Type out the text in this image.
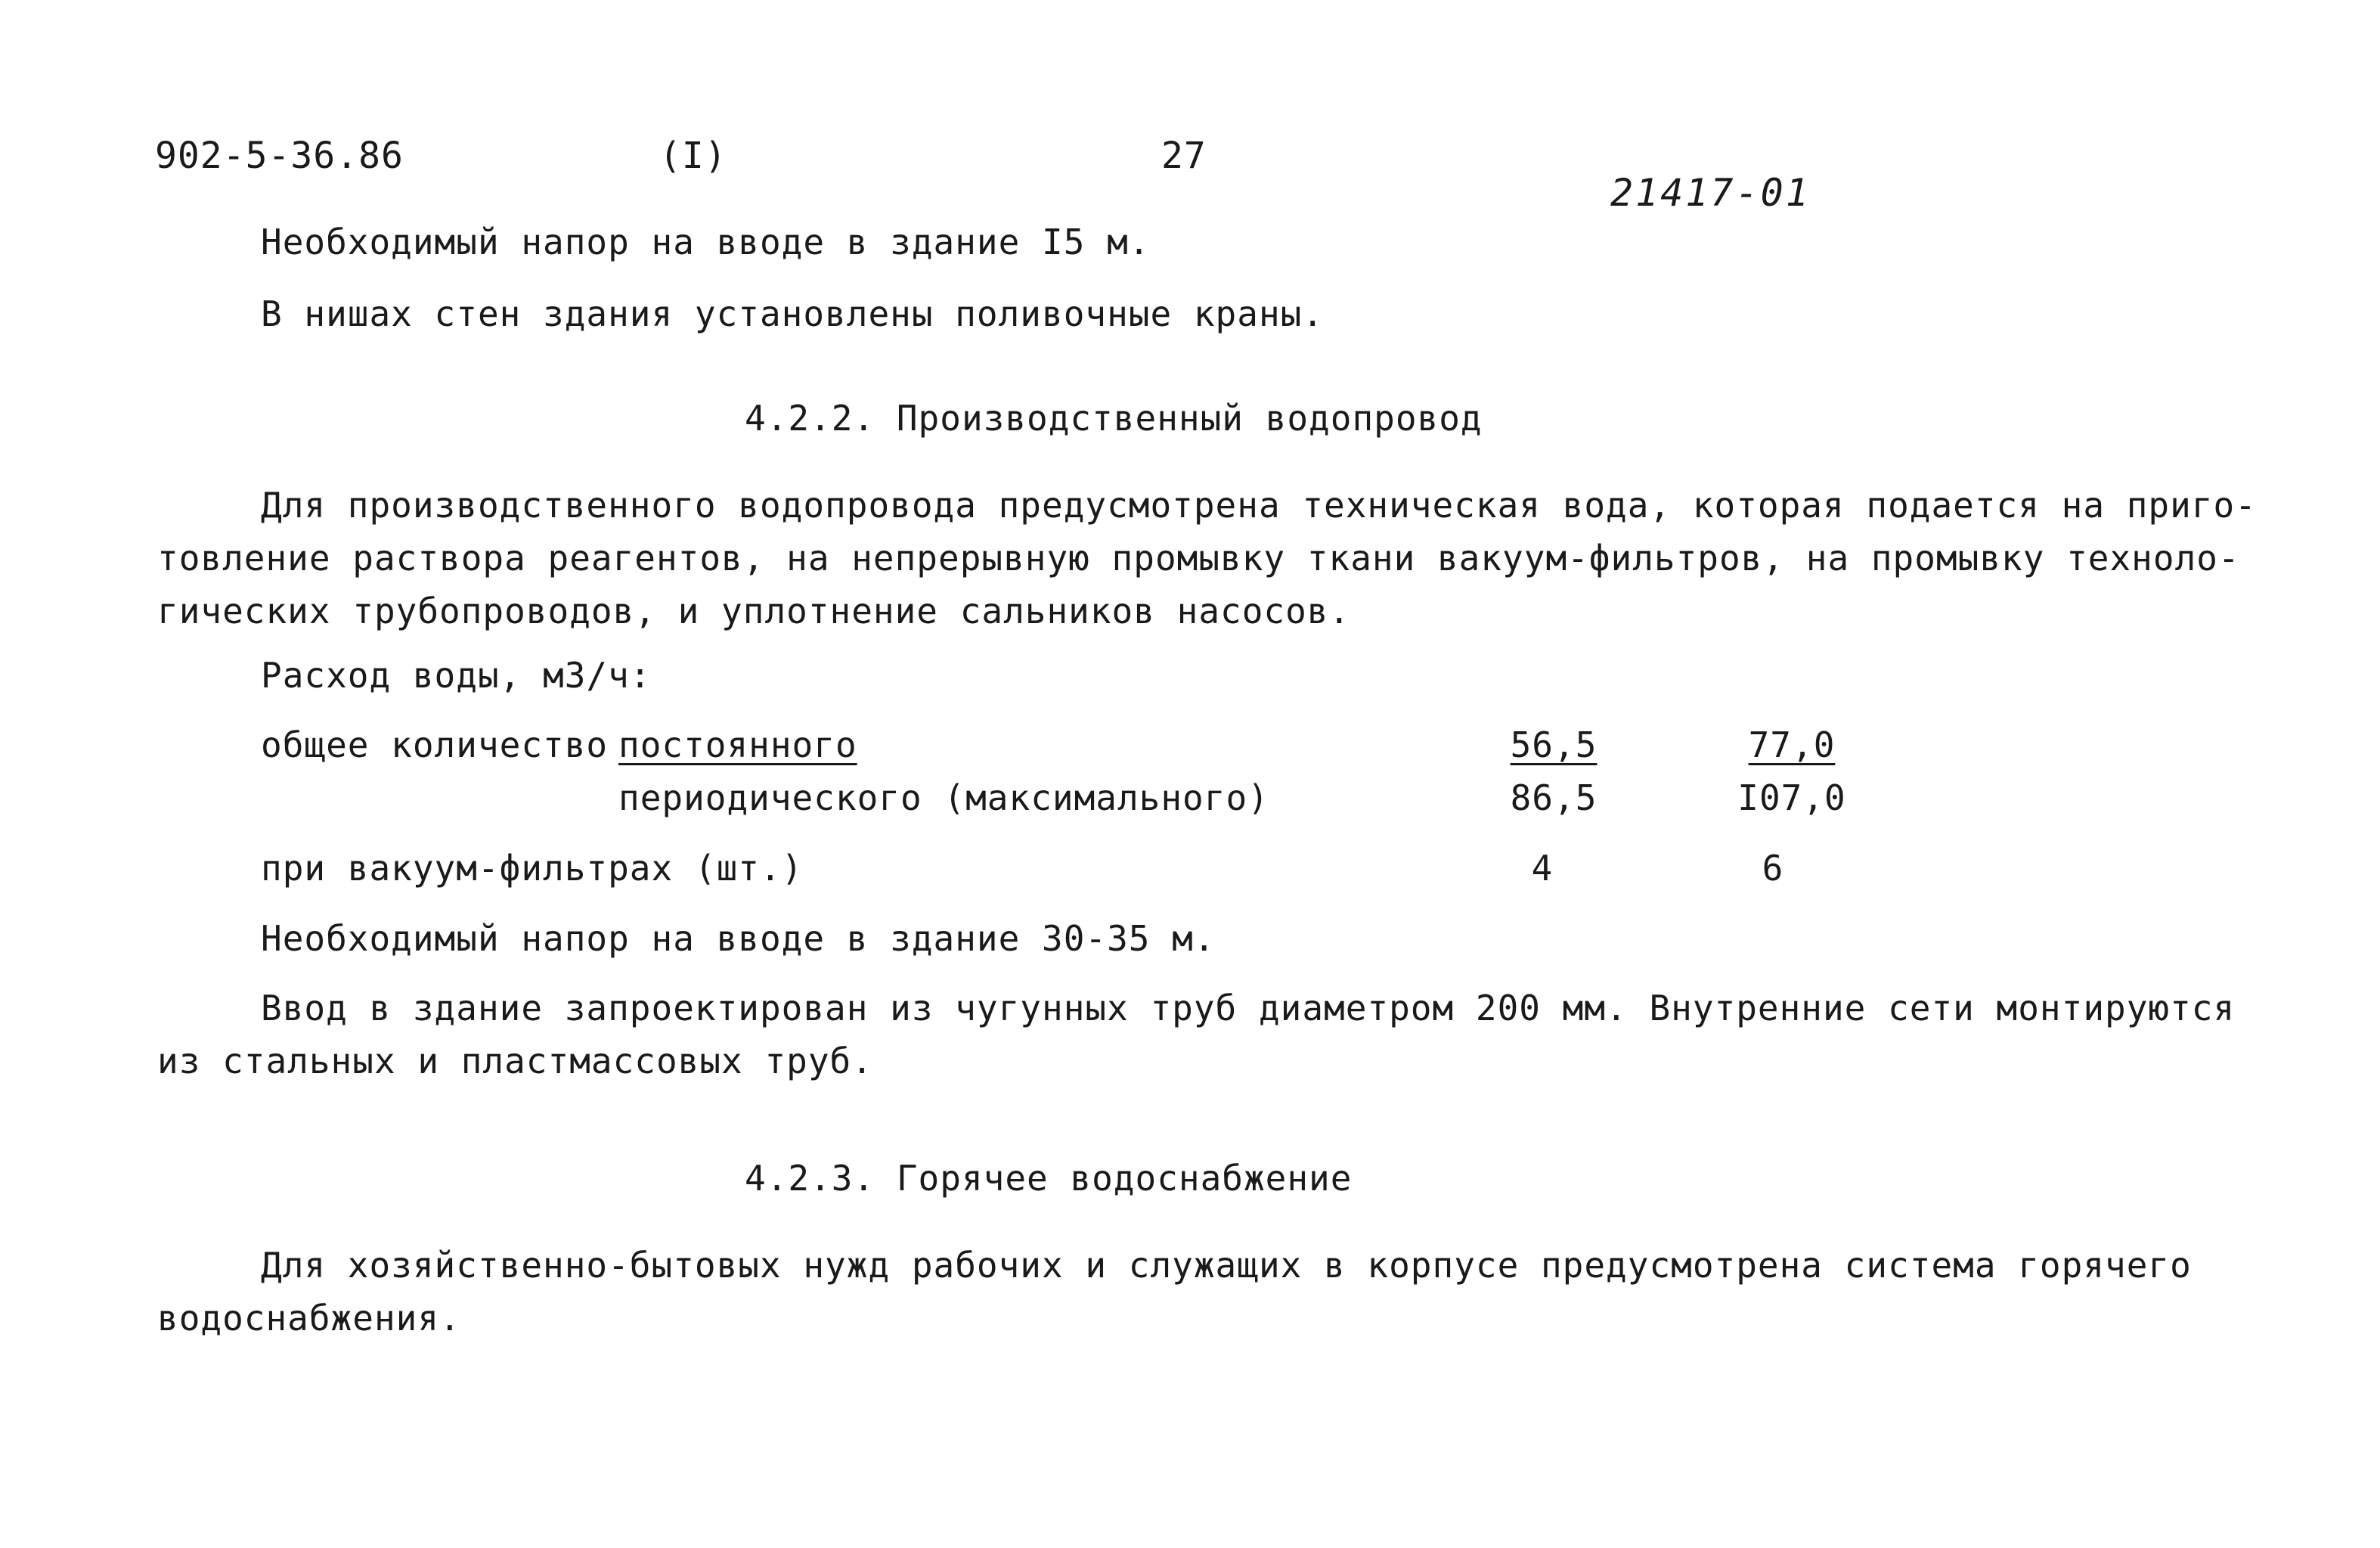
902-5-36.86	(I)	27
21417-01
Необходимый напор на вводе в здание I5 м.
В нишах стен здания установлены поливочные краны.
4.2.2. Производственный водопровод
Для производственного водопровода предусмотрена техническая вода, которая подается на приго-
товление раствора реагентов, на непрерывную промывку ткани вакуум-фильтров, на промывку техноло-
гических трубопроводов, и уплотнение сальников насосов.
Расход воды, м3/ч:
общее количество постоянного	56,5	77,0
периодического (максимального)	86,5	I07,0
при вакуум-фильтрах (шт.)	4	6
Необходимый напор на вводе в здание 30-35 м.
Ввод в здание запроектирован из чугунных труб диаметром 200 мм. Внутренние сети монтируются
из стальных и пластмассовых труб.
4.2.3. Горячее водоснабжение
Для хозяйственно-бытовых нужд рабочих и служащих в корпусе предусмотрена система горячего
водоснабжения.
